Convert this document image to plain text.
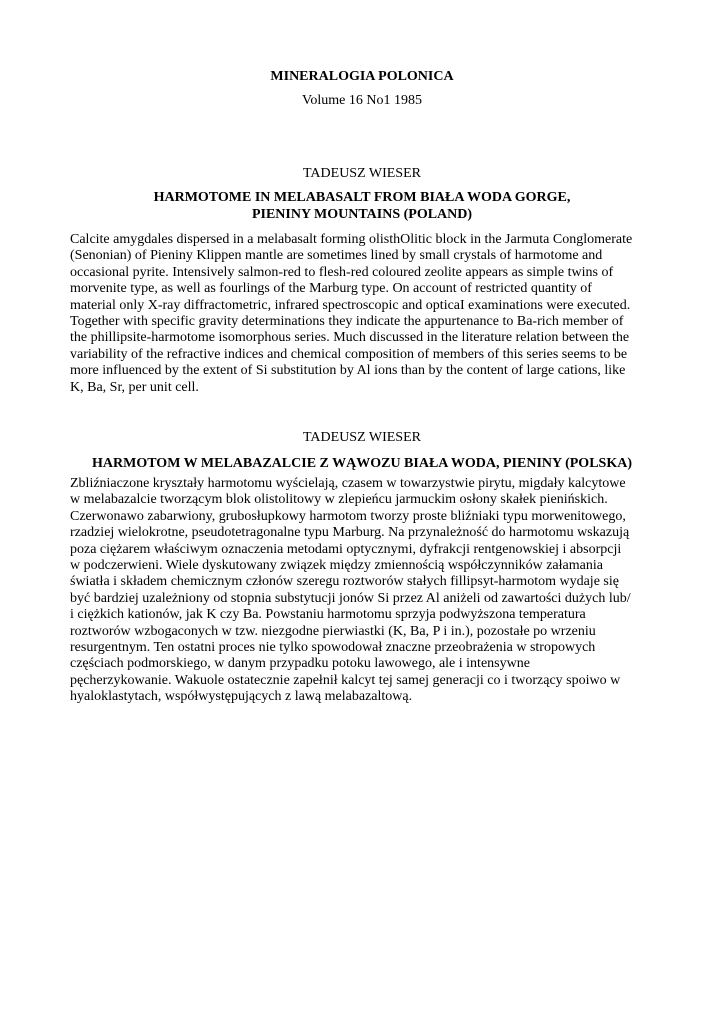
MINERALOGIA POLONICA
Volume 16 No1 1985
TADEUSZ WIESER
HARMOTOME IN MELABASALT FROM BIAŁA WODA GORGE,
PIENINY MOUNTAINS (POLAND)
Calcite amygdales dispersed in a melabasalt forming olisthOlitic block in the Jarmuta Conglomerate
(Senonian) of Pieniny Klippen mantle are sometimes lined by small crystals of harmotome and
occasional pyrite. Intensively salmon-red to flesh-red coloured zeolite appears as simple twins of
morvenite type, as well as fourlings of the Marburg type. On account of restricted quantity of
material only X-ray diffractometric, infrared spectroscopic and opticaI examinations were executed.
Together with specific gravity determinations they indicate the appurtenance to Ba-rich member of
the phillipsite-harmotome isomorphous series. Much discussed in the literature relation between the
variability of the refractive indices and chemical composition of members of this series seems to be
more influenced by the extent of Si substitution by Al ions than by the content of large cations, like
K, Ba, Sr, per unit cell.
TADEUSZ WIESER
HARMOTOM W MELABAZALCIE Z WĄWOZU BIAŁA WODA, PIENINY (POLSKA)
Zbliźniaczone kryształy harmotomu wyścielają, czasem w towarzystwie pirytu, migdały kalcytowe
w melabazalcie tworzącym blok olistolitowy w zlepieńcu jarmuckim osłony skałek pienińskich.
Czerwonawo zabarwiony, grubosłupkowy harmotom tworzy proste bliźniaki typu morwenitowego,
rzadziej wielokrotne, pseudotetragonalne typu Marburg. Na przynależność do harmotomu wskazują
poza ciężarem właściwym oznaczenia metodami optycznymi, dyfrakcji rentgenowskiej i absorpcji
w podczerwieni. Wiele dyskutowany związek między zmiennością współczynników załamania
światła i składem chemicznym członów szeregu roztworów stałych fillipsyt-harmotom wydaje się
być bardziej uzależniony od stopnia substytucji jonów Si przez Al aniżeli od zawartości dużych lub/
i ciężkich kationów, jak K czy Ba. Powstaniu harmotomu sprzyja podwyższona temperatura
roztworów wzbogaconych w tzw. niezgodne pierwiastki (K, Ba, P i in.), pozostałe po wrzeniu
resurgentnym. Ten ostatni proces nie tylko spowodował znaczne przeobrażenia w stropowych
częściach podmorskiego, w danym przypadku potoku lawowego, ale i intensywne
pęcherzykowanie. Wakuole ostatecznie zapełnił kalcyt tej samej generacji co i tworzący spoiwo w
hyaloklastytach, współwystępujących z lawą melabazaltową.
